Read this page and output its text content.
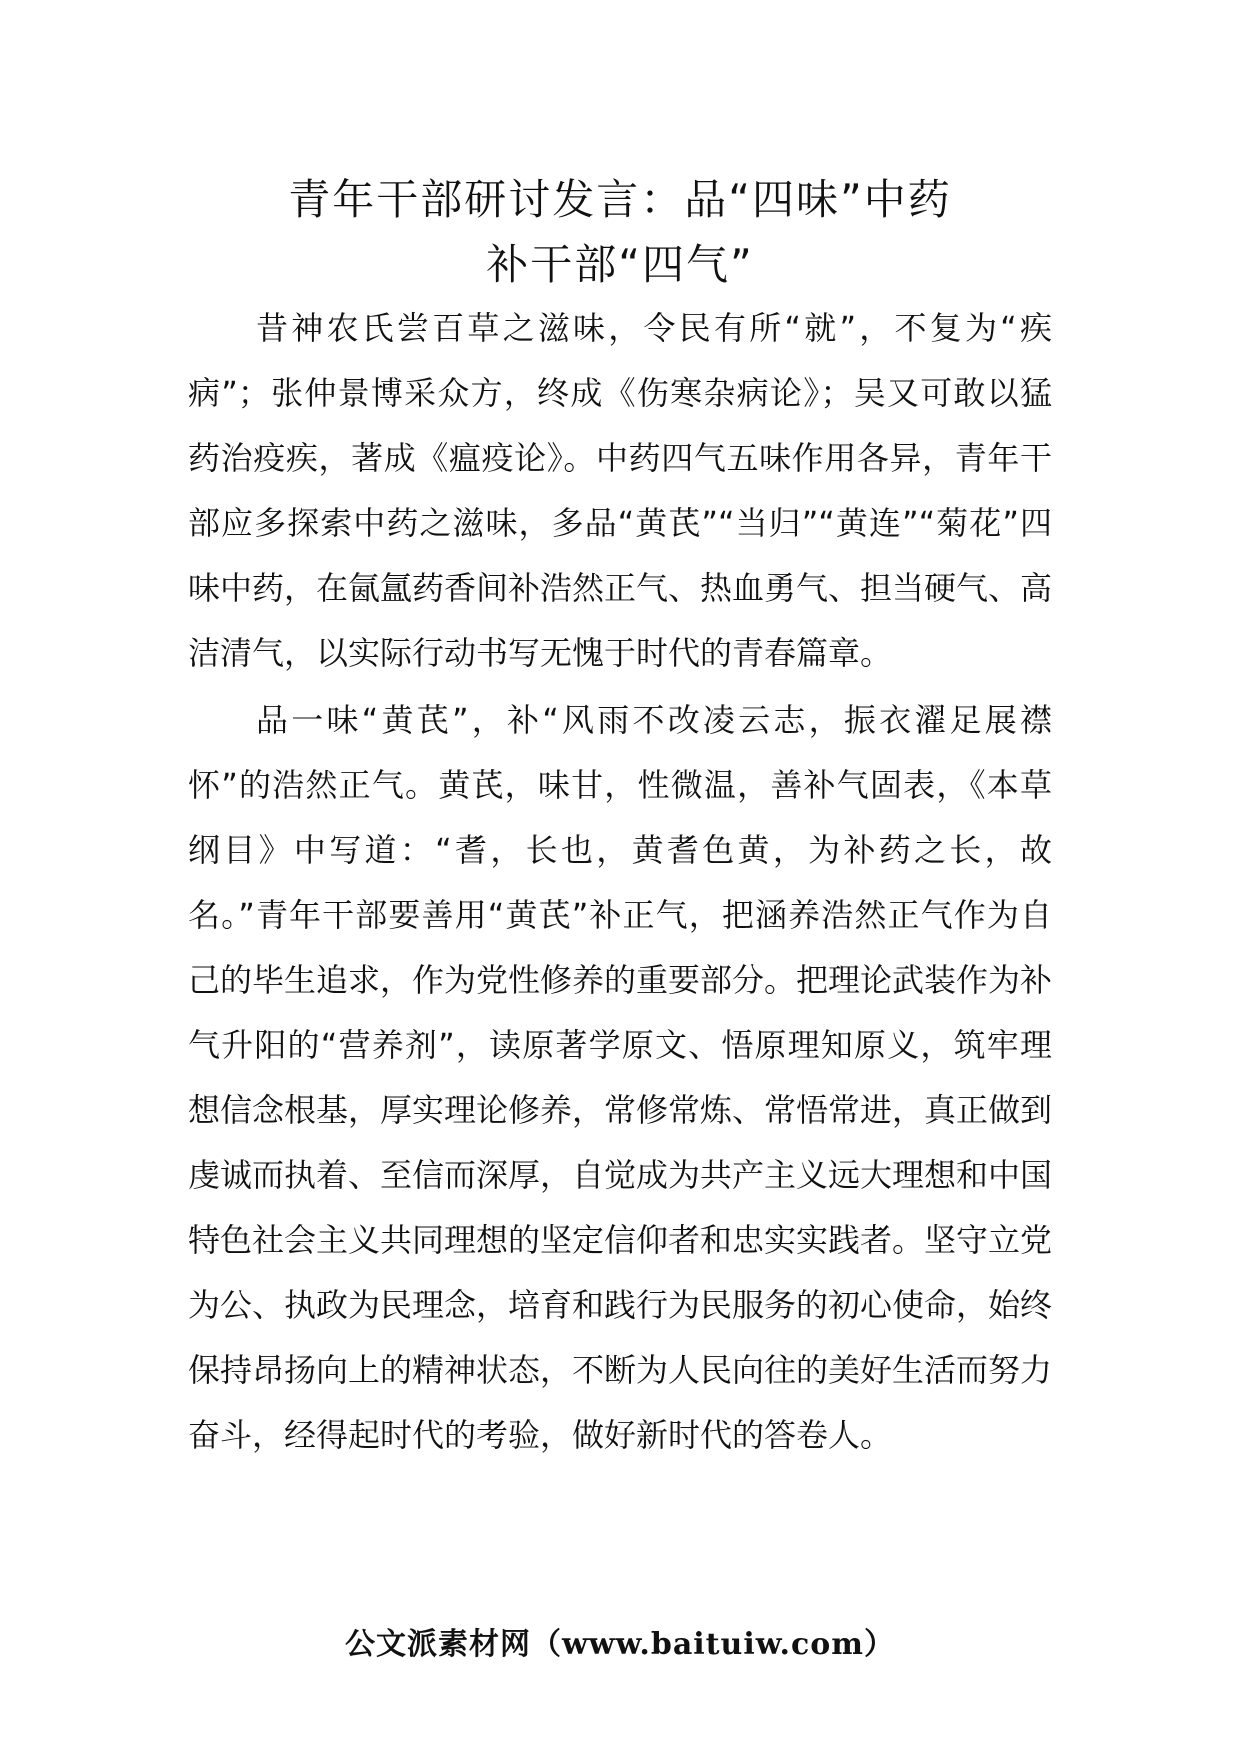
青年干部研讨发言：品“四味”中药
补干部“四气”

昔神农氏尝百草之滋味，令民有所“就”，不复为“疾病”；张仲景博采众方，终成《伤寒杂病论》；吴又可敢以猛药治疫疾，著成《瘟疫论》。中药四气五味作用各异，青年干部应多探索中药之滋味，多品“黄芪”“当归”“黄连”“菊花”四味中药，在氤氲药香间补浩然正气、热血勇气、担当硬气、高洁清气，以实际行动书写无愧于时代的青春篇章。

品一味“黄芪”，补“风雨不改凌云志，振衣濯足展襟怀”的浩然正气。黄芪，味甘，性微温，善补气固表，《本草纲目》中写道：“耆，长也，黄耆色黄，为补药之长，故名。”青年干部要善用“黄芪”补正气，把涵养浩然正气作为自己的毕生追求，作为党性修养的重要部分。把理论武装作为补气升阳的“营养剂”，读原著学原文、悟原理知原义，筑牢理想信念根基，厚实理论修养，常修常炼、常悟常进，真正做到虔诚而执着、至信而深厚，自觉成为共产主义远大理想和中国特色社会主义共同理想的坚定信仰者和忠实实践者。坚守立党为公、执政为民理念，培育和践行为民服务的初心使命，始终保持昂扬向上的精神状态，不断为人民向往的美好生活而努力奋斗，经得起时代的考验，做好新时代的答卷人。

公文派素材网（www.baituiw.com）
